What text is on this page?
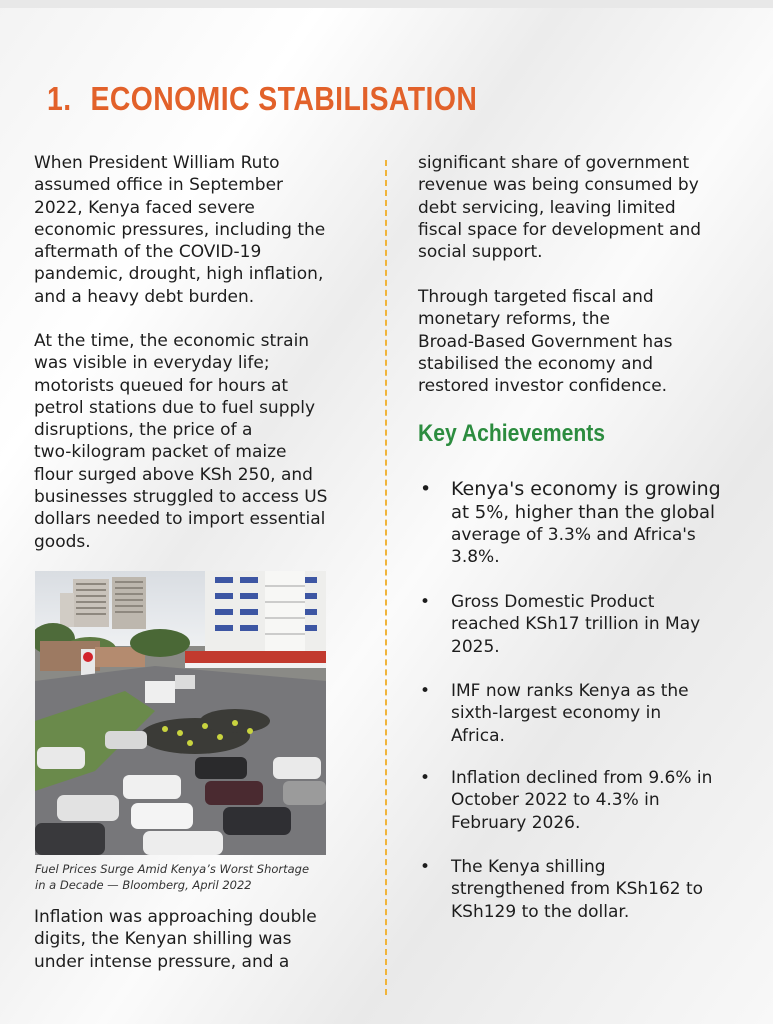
1. ECONOMIC STABILISATION

When President William Ruto

assumed office in September

2022, Kenya faced severe

economic pressures, including the

aftermath of the COVID-19

pandemic, drought, high inflation,

and a heavy debt burden.

At the time, the economic strain

was visible in everyday life;

motorists queued for hours at

petrol stations due to fuel supply

disruptions, the price of a

two-kilogram packet of maize

flour surged above KSh 250, and

businesses struggled to access US

dollars needed to import essential

goods.

Fuel Prices Surge Amid Kenya’s Worst Shortage
in a Decade — Bloomberg, April 2022

Inflation was approaching double

digits, the Kenyan shilling was

under intense pressure, and a

significant share of government

revenue was being consumed by

debt servicing, leaving limited

fiscal space for development and

social support.

Through targeted fiscal and

monetary reforms, the

Broad-Based Government has

stabilised the economy and

restored investor confidence.

Key Achievements
• Kenya's economy is growing
at 5%, higher than the global
average of 3.3% and Africa's
3.8%.
• Gross Domestic Product
reached KSh17 trillion in May
2025.
• IMF now ranks Kenya as the
sixth-largest economy in
Africa.
• Inflation declined from 9.6% in
October 2022 to 4.3% in
February 2026.
• The Kenya shilling
strengthened from KSh162 to
KSh129 to the dollar.
